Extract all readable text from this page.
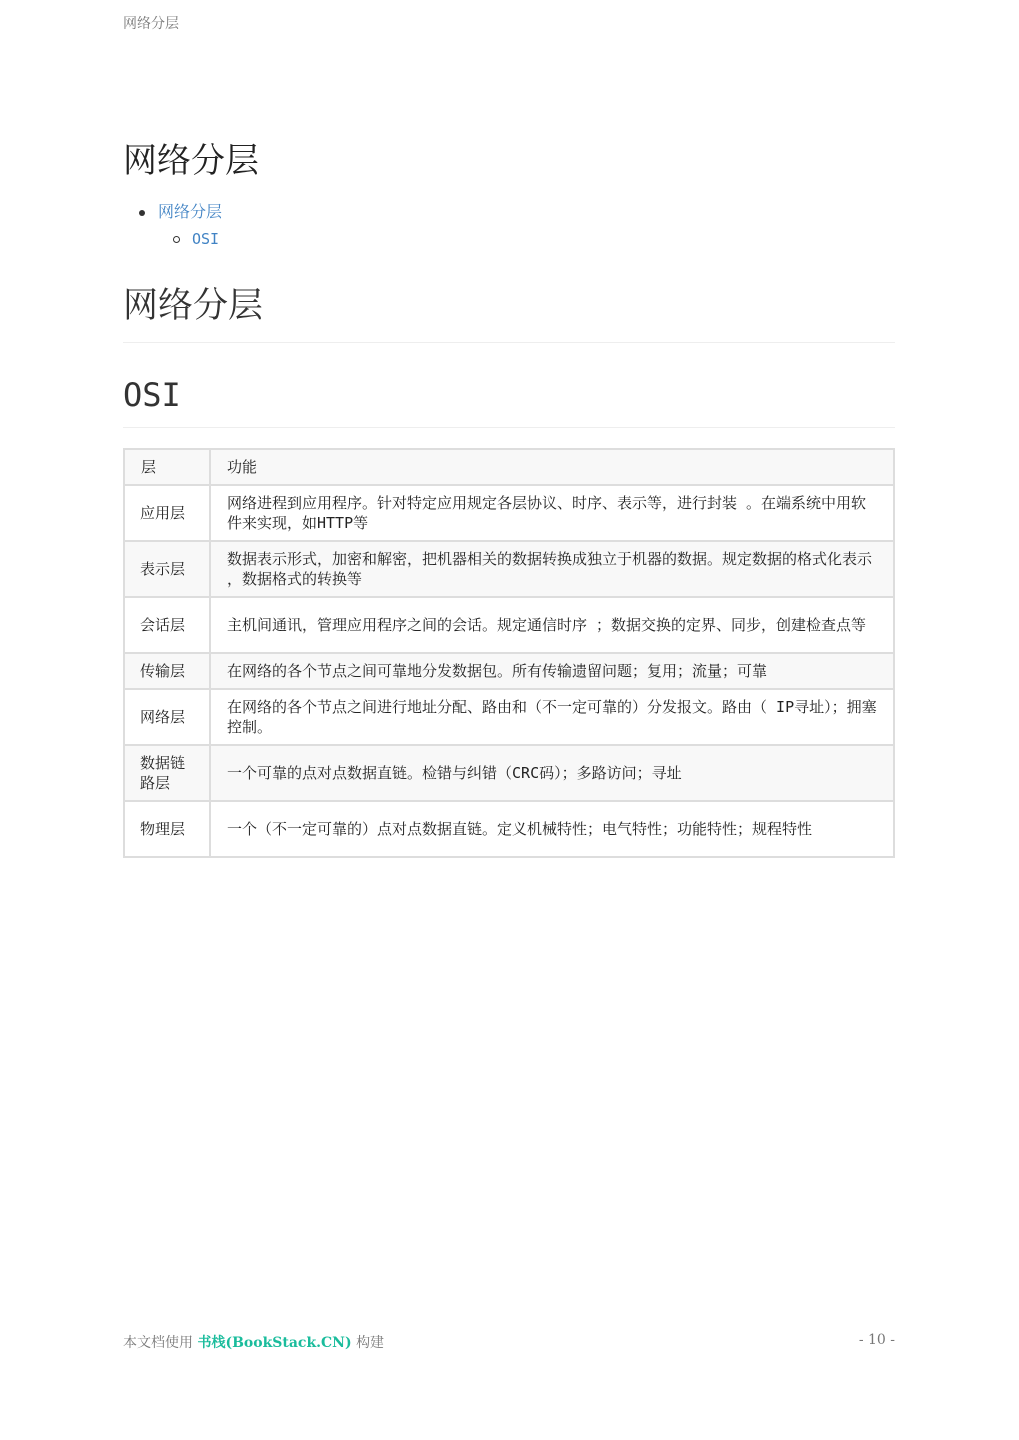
网络分层
网络分层
网络分层
OSI
网络分层
OSI
层	功能
应用层	网络进程到应用程序。针对特定应用规定各层协议、时序、表示等，进行封装 。在端系统中用软件来实现，如HTTP等
表示层	数据表示形式，加密和解密，把机器相关的数据转换成独立于机器的数据。规定数据的格式化表示 ，数据格式的转换等
会话层	主机间通讯，管理应用程序之间的会话。规定通信时序 ；数据交换的定界、同步，创建检查点等
传输层	在网络的各个节点之间可靠地分发数据包。所有传输遗留问题；复用；流量；可靠
网络层	在网络的各个节点之间进行地址分配、路由和（不一定可靠的）分发报文。路由（ IP寻址）；拥塞控制。
数据链路层	一个可靠的点对点数据直链。检错与纠错（CRC码）；多路访问；寻址
物理层	一个（不一定可靠的）点对点数据直链。定义机械特性；电气特性；功能特性；规程特性
本文档使用 书栈(BookStack.CN) 构建	- 10 -
